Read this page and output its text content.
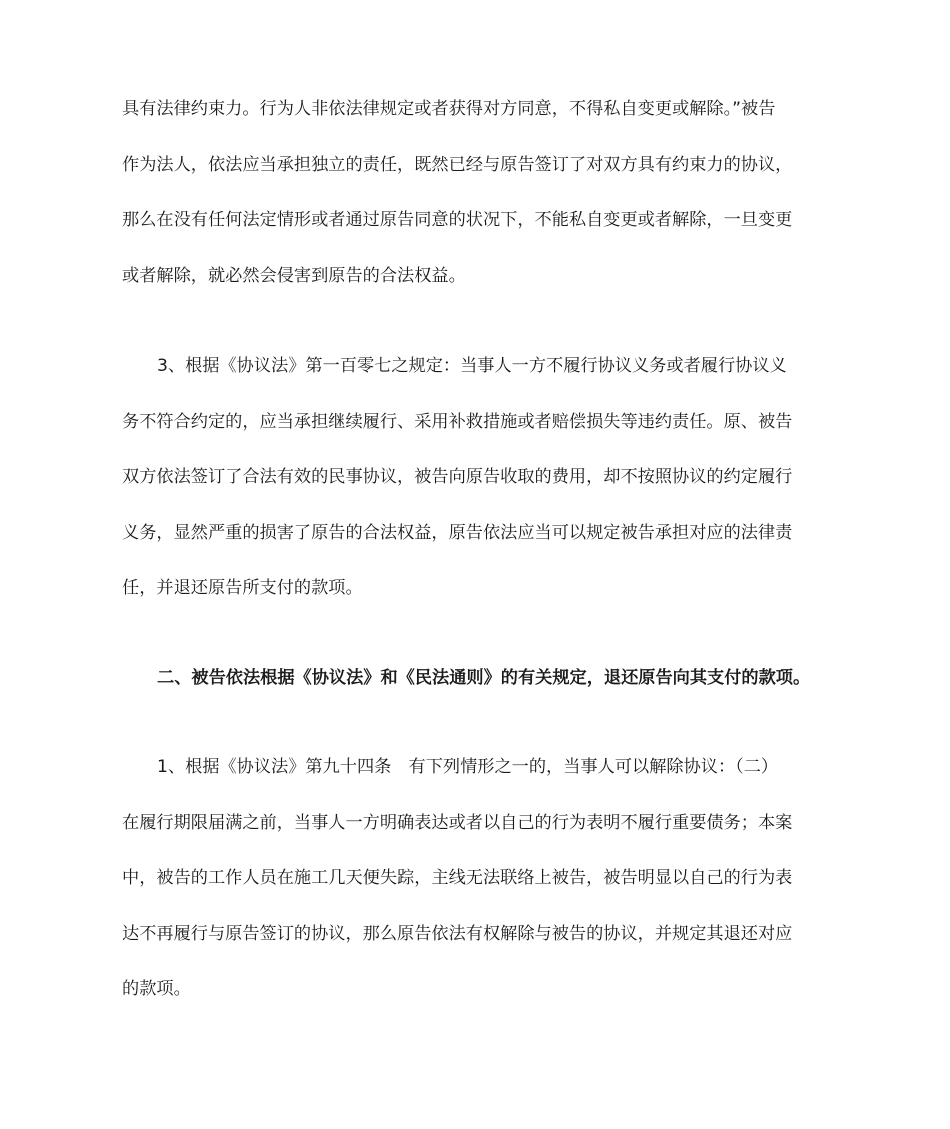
具有法律约束力。行为人非依法律规定或者获得对方同意，不得私自变更或解除。”被告
作为法人，依法应当承担独立的责任，既然已经与原告签订了对双方具有约束力的协议，
那么在没有任何法定情形或者通过原告同意的状况下，不能私自变更或者解除，一旦变更
或者解除，就必然会侵害到原告的合法权益。
3、根据《协议法》第一百零七之规定：当事人一方不履行协议义务或者履行协议义
务不符合约定的，应当承担继续履行、采用补救措施或者赔偿损失等违约责任。原、被告
双方依法签订了合法有效的民事协议，被告向原告收取的费用，却不按照协议的约定履行
义务，显然严重的损害了原告的合法权益，原告依法应当可以规定被告承担对应的法律责
任，并退还原告所支付的款项。
二、被告依法根据《协议法》和《民法通则》的有关规定，退还原告向其支付的款项。
1、根据《协议法》第九十四条　有下列情形之一的，当事人可以解除协议：（二）
在履行期限届满之前，当事人一方明确表达或者以自己的行为表明不履行重要债务；本案
中，被告的工作人员在施工几天便失踪，主线无法联络上被告，被告明显以自己的行为表
达不再履行与原告签订的协议，那么原告依法有权解除与被告的协议，并规定其退还对应
的款项。
